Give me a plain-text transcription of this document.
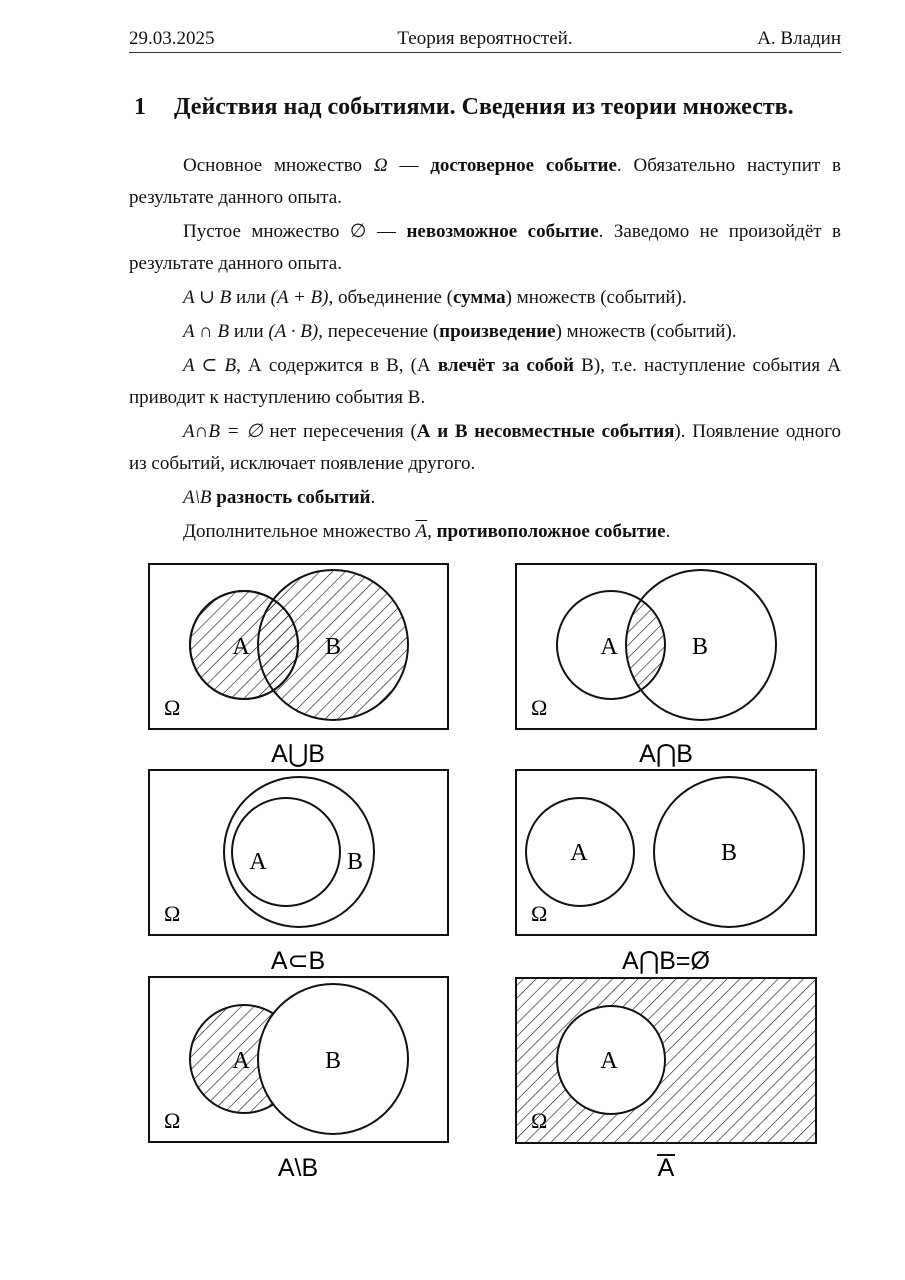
29.03.2025	Теория вероятностей.	А. Владин
1 Действия над событиями. Сведения из теории множеств.

Основное множество Ω — достоверное событие. Обязательно наступит в результате данного опыта.

Пустое множество ∅ — невозможное событие. Заведомо не произойдёт в результате данного опыта.

A ∪ B или (A + B), объединение (сумма) множеств (событий).

A ∩ B или (A · B), пересечение (произведение) множеств (событий).

A ⊂ B, А содержится в В, (А влечёт за собой В), т.е. наступление события А приводит к наступлению события В.

A∩B = ∅ нет пересечения (А и В несовместные события). Появление одного из событий, исключает появление другого.

A\B разность событий.

Дополнительное множество $\overline{A}$, противоположное событие.

A	B
Ω
A	B
Ω
A	B
Ω
A	B
Ω
A	B
Ω
A
Ω
A⋃B	A⋂B
A⊂B	A⋂B=Ø
A\B	A
